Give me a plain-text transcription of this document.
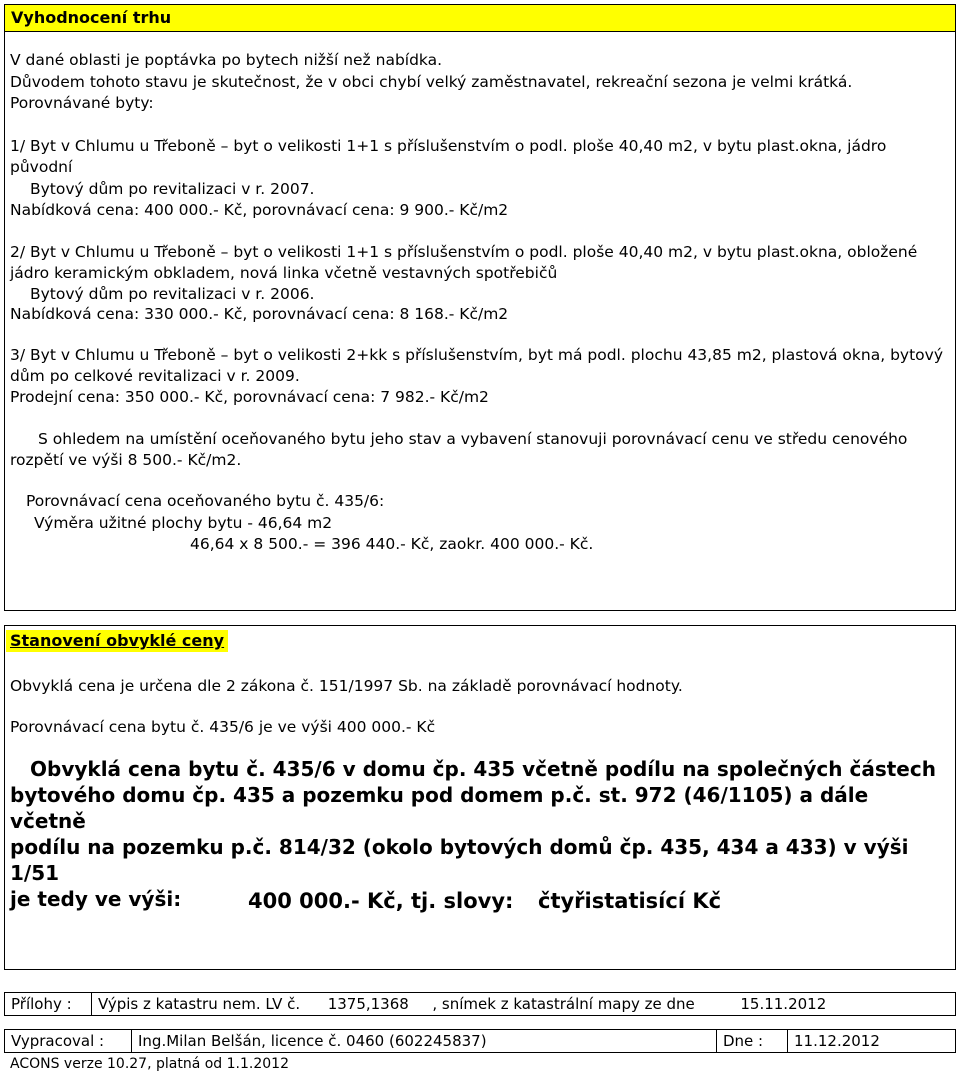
Vyhodnocení trhu
V dané oblasti je poptávka po bytech nižší než nabídka.
Důvodem tohoto stavu je skutečnost, že v obci chybí velký zaměstnavatel, rekreační sezona je velmi krátká.
Porovnávané byty:
1/ Byt v Chlumu u Třeboně – byt o velikosti 1+1 s příslušenstvím o podl. ploše 40,40 m2, v bytu plast.okna, jádro
původní
Bytový dům po revitalizaci v r. 2007.
Nabídková cena: 400 000.- Kč, porovnávací cena: 9 900.- Kč/m2
2/ Byt v Chlumu u Třeboně – byt o velikosti 1+1 s příslušenstvím o podl. ploše 40,40 m2, v bytu plast.okna, obložené
jádro keramickým obkladem, nová linka včetně vestavných spotřebičů
Bytový dům po revitalizaci v r. 2006.
Nabídková cena: 330 000.- Kč, porovnávací cena: 8 168.- Kč/m2
3/ Byt v Chlumu u Třeboně – byt o velikosti 2+kk s příslušenstvím, byt má podl. plochu 43,85 m2, plastová okna, bytový
dům po celkové revitalizaci v r. 2009.
Prodejní cena: 350 000.- Kč, porovnávací cena: 7 982.- Kč/m2
S ohledem na umístění oceňovaného bytu jeho stav a vybavení stanovuji porovnávací cenu ve středu cenového
rozpětí ve výši 8 500.- Kč/m2.
Porovnávací cena oceňovaného bytu č. 435/6:
Výměra užitné plochy bytu - 46,64 m2
46,64 x 8 500.- = 396 440.- Kč, zaokr. 400 000.- Kč.
Stanovení obvyklé ceny
Obvyklá cena je určena dle 2 zákona č. 151/1997 Sb. na základě porovnávací hodnoty.
Porovnávací cena bytu č. 435/6 je ve výši 400 000.- Kč

Obvyklá cena bytu č. 435/6 v domu čp. 435 včetně podílu na společných částech

bytového domu čp. 435 a pozemku pod domem p.č. st. 972 (46/1105) a dále včetně

podílu na pozemku p.č. 814/32 (okolo bytových domů čp. 435, 434 a 433) v výši 1/51

je tedy ve výši:	400 000.- Kč, tj. slovy: čtyřistatisící Kč
Přílohy :	Výpis z katastru nem. LV č. 1375,1368 , snímek z katastrální mapy ze dne	15.11.2012
Vypracoval :	Ing.Milan Belšán, licence č. 0460 (602245837)	Dne :	11.12.2012
ACONS verze 10.27, platná od 1.1.2012
